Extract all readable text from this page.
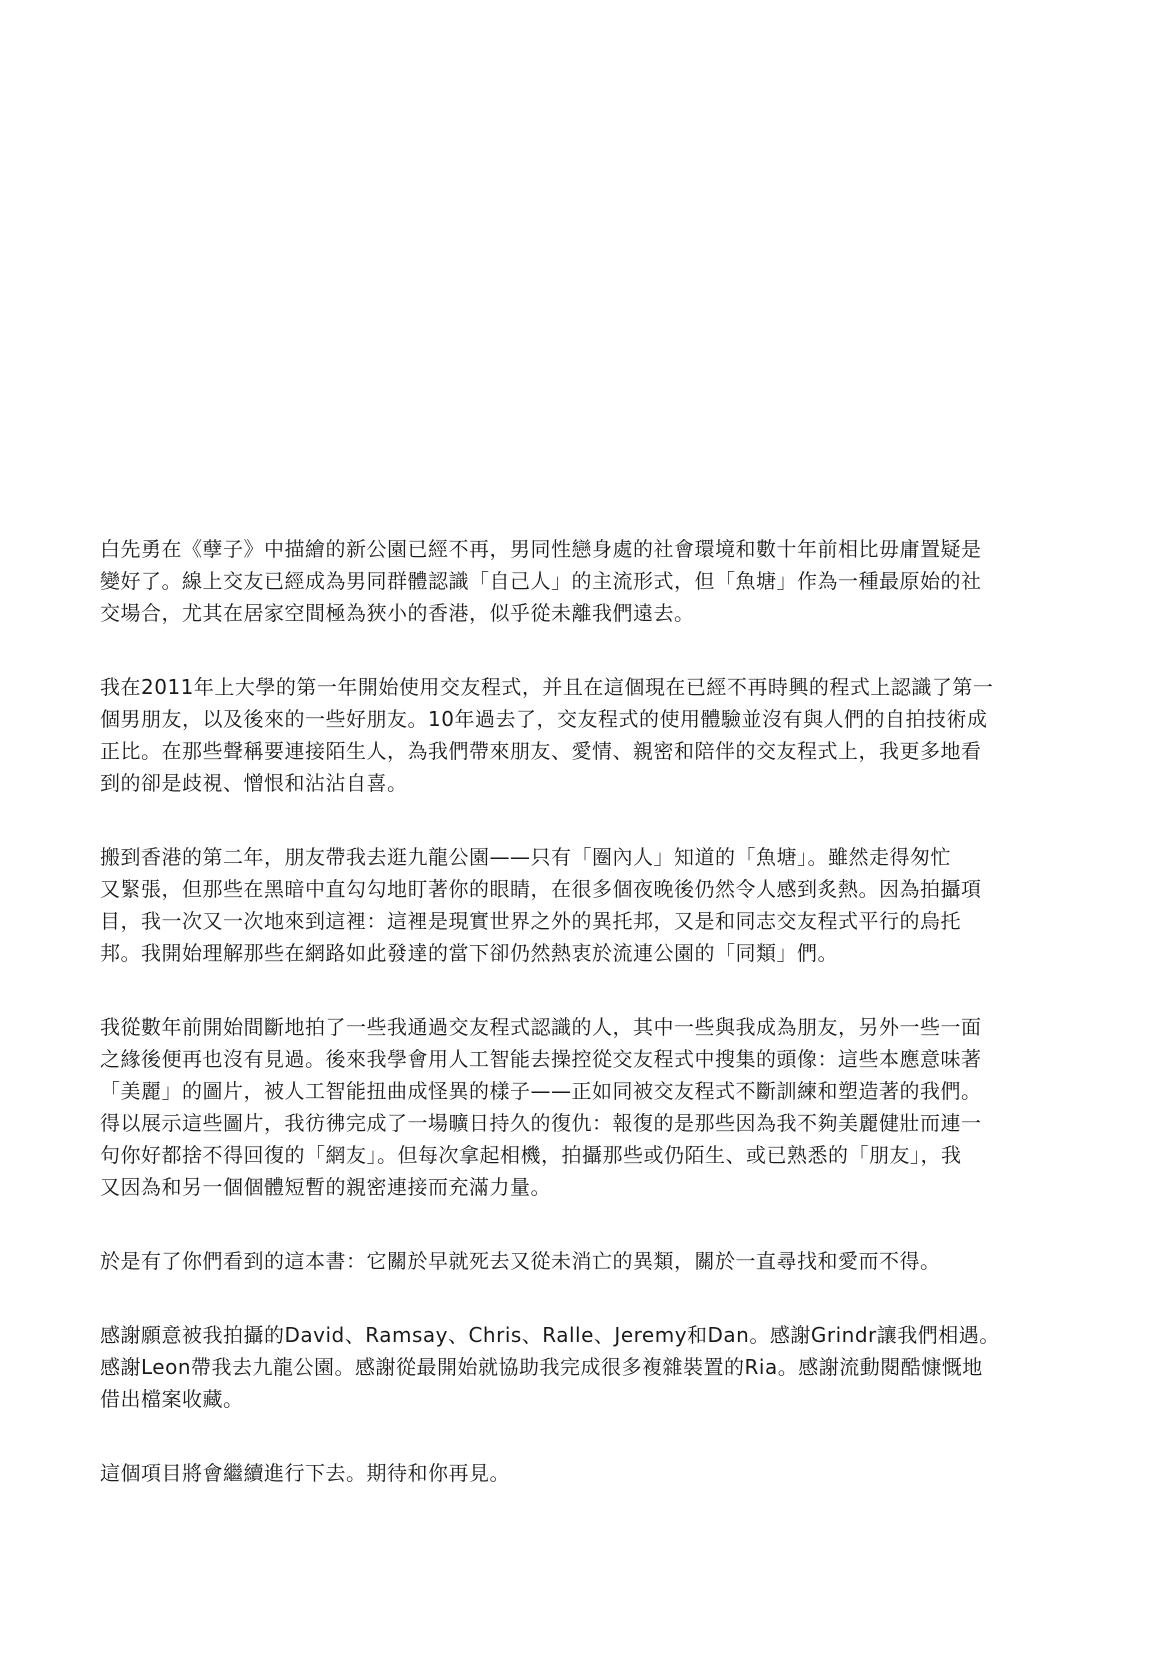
白先勇在《孽子》中描繪的新公園已經不再，男同性戀身處的社會環境和數十年前相比毋庸置疑是
變好了。線上交友已經成為男同群體認識「自己人」的主流形式，但「魚塘」作為一種最原始的社
交場合，尤其在居家空間極為狹小的香港，似乎從未離我們遠去。

我在2011年上大學的第一年開始使用交友程式，并且在這個現在已經不再時興的程式上認識了第一
個男朋友，以及後來的一些好朋友。10年過去了，交友程式的使用體驗並沒有與人們的自拍技術成
正比。在那些聲稱要連接陌生人，為我們帶來朋友、愛情、親密和陪伴的交友程式上，我更多地看
到的卻是歧視、憎恨和沾沾自喜。

搬到香港的第二年，朋友帶我去逛九龍公園——只有「圈內人」知道的「魚塘」。雖然走得匆忙
又緊張，但那些在黑暗中直勾勾地盯著你的眼睛，在很多個夜晚後仍然令人感到炙熱。因為拍攝項
目，我一次又一次地來到這裡：這裡是現實世界之外的異托邦，又是和同志交友程式平行的烏托
邦。我開始理解那些在網路如此發達的當下卻仍然熱衷於流連公園的「同類」們。

我從數年前開始間斷地拍了一些我通過交友程式認識的人，其中一些與我成為朋友，另外一些一面
之緣後便再也沒有見過。後來我學會用人工智能去操控從交友程式中搜集的頭像：這些本應意味著
「美麗」的圖片，被人工智能扭曲成怪異的樣子——正如同被交友程式不斷訓練和塑造著的我們。
得以展示這些圖片，我彷彿完成了一場曠日持久的復仇：報復的是那些因為我不夠美麗健壯而連一
句你好都捨不得回復的「網友」。但每次拿起相機，拍攝那些或仍陌生、或已熟悉的「朋友」，我
又因為和另一個個體短暫的親密連接而充滿力量。

於是有了你們看到的這本書：它關於早就死去又從未消亡的異類，關於一直尋找和愛而不得。

感謝願意被我拍攝的David、Ramsay、Chris、Ralle、Jeremy和Dan。感謝Grindr讓我們相遇。
感謝Leon帶我去九龍公園。感謝從最開始就協助我完成很多複雜裝置的Ria。感謝流動閱酷慷慨地
借出檔案收藏。

這個項目將會繼續進行下去。期待和你再見。
